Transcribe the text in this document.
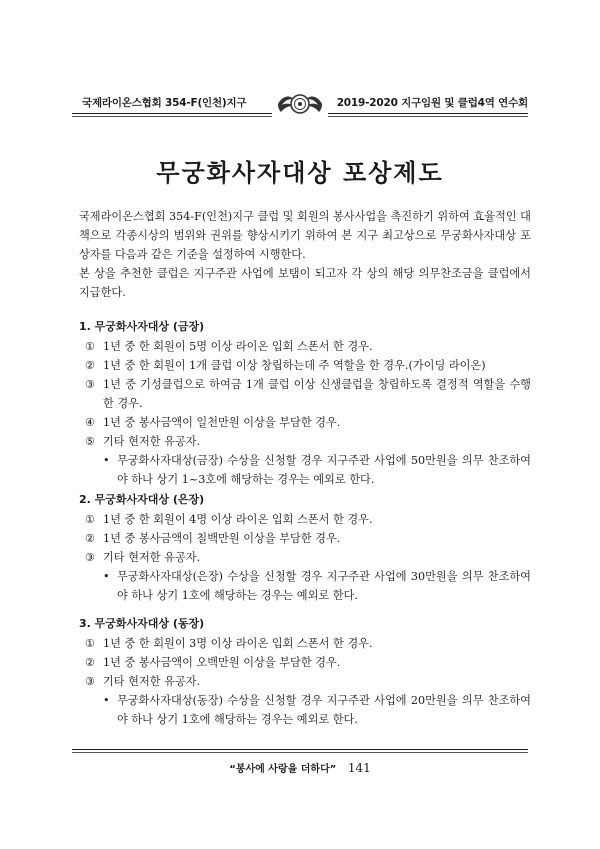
국제라이온스협회 354-F(인천)지구	2019-2020 지구임원 및 클럽4역 연수회
무궁화사자대상 포상제도

국제라이온스협회 354-F(인천)지구 클럽 및 회원의 봉사사업을 촉진하기 위하여 효율적인 대책으로 각종시상의 범위와 권위를 향상시키기 위하여 본 지구 최고상으로 무궁화사자대상 포상자를 다음과 같은 기준을 설정하여 시행한다.

본 상을 추천한 클럽은 지구주관 사업에 보탬이 되고자 각 상의 해당 의무찬조금을 클럽에서 지급한다.

1. 무궁화사자대상 (금장)
① 1년 중 한 회원이 5명 이상 라이온 입회 스폰서 한 경우.
② 1년 중 한 회원이 1개 클럽 이상 창립하는데 주 역할을 한 경우.(가이딩 라이온)
③ 1년 중 기성클럽으로 하여금 1개 클럽 이상 신생클럽을 창립하도록 결정적 역할을 수행한 경우.
④ 1년 중 봉사금액이 일천만원 이상을 부담한 경우.
⑤ 기타 현저한 유공자.
• 무궁화사자대상(금장) 수상을 신청할 경우 지구주관 사업에 50만원을 의무 찬조하여야 하나 상기 1~3호에 해당하는 경우는 예외로 한다.
2. 무궁화사자대상 (은장)
① 1년 중 한 회원이 4명 이상 라이온 입회 스폰서 한 경우.
② 1년 중 봉사금액이 칠백만원 이상을 부담한 경우.
③ 기타 현저한 유공자.
• 무궁화사자대상(은장) 수상을 신청할 경우 지구주관 사업에 30만원을 의무 찬조하여야 하나 상기 1호에 해당하는 경우는 예외로 한다.
3. 무궁화사자대상 (동장)
① 1년 중 한 회원이 3명 이상 라이온 입회 스폰서 한 경우.
② 1년 중 봉사금액이 오백만원 이상을 부담한 경우.
③ 기타 현저한 유공자.
• 무궁화사자대상(동장) 수상을 신청할 경우 지구주관 사업에 20만원을 의무 찬조하여야 하나 상기 1호에 해당하는 경우는 예외로 한다.
“봉사에 사랑을 더하다” 141
